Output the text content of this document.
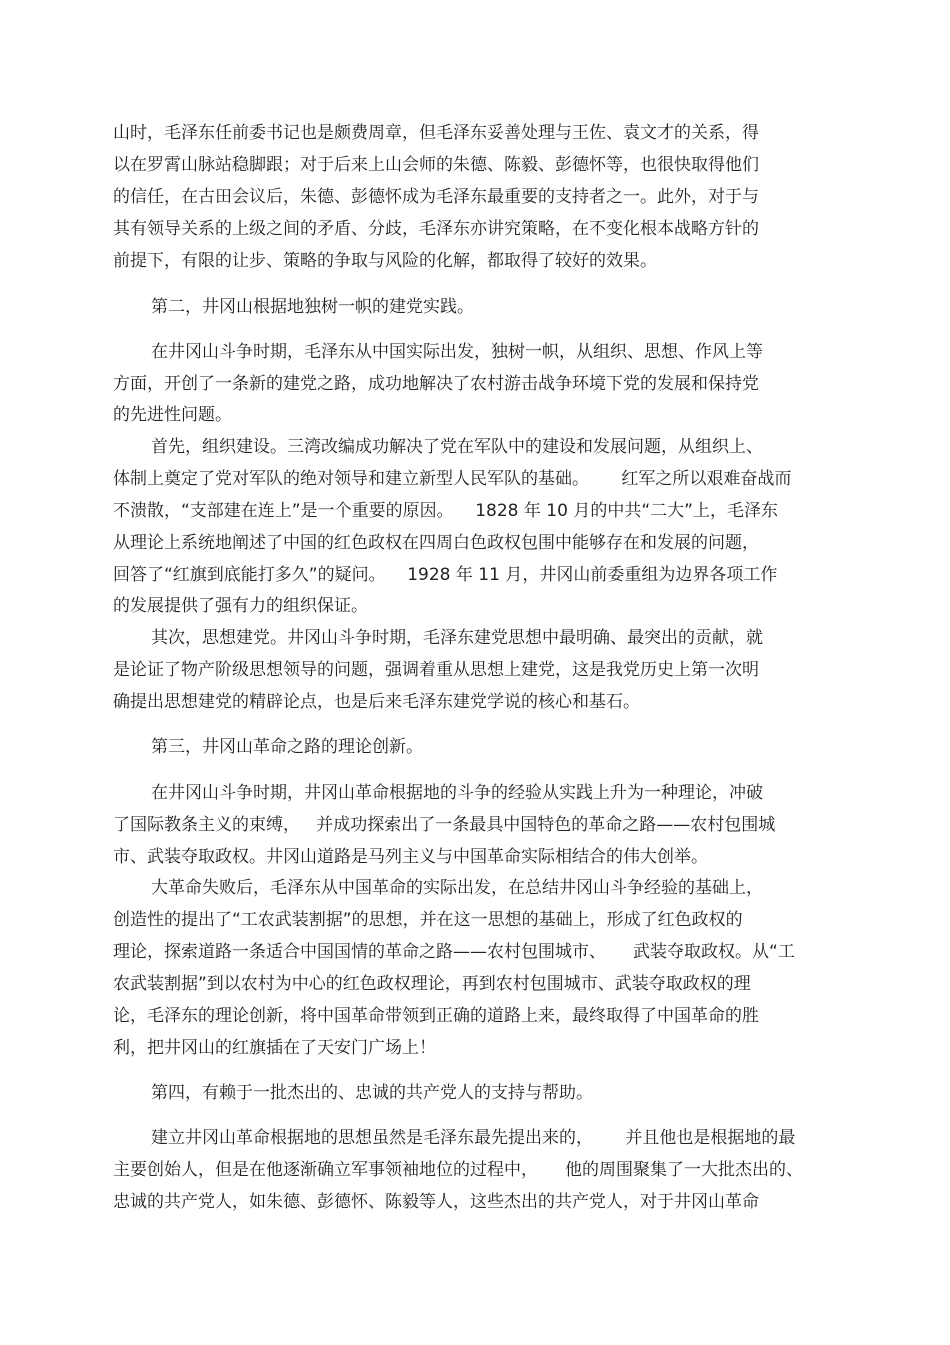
山时，毛泽东任前委书记也是颇费周章，但毛泽东妥善处理与王佐、袁文才的关系，得
以在罗霄山脉站稳脚跟；对于后来上山会师的朱德、陈毅、彭德怀等，也很快取得他们
的信任，在古田会议后，朱德、彭德怀成为毛泽东最重要的支持者之一。此外，对于与
其有领导关系的上级之间的矛盾、分歧，毛泽东亦讲究策略，在不变化根本战略方针的
前提下，有限的让步、策略的争取与风险的化解，都取得了较好的效果。
第二，井冈山根据地独树一帜的建党实践。
在井冈山斗争时期，毛泽东从中国实际出发，独树一帜，从组织、思想、作风上等
方面，开创了一条新的建党之路，成功地解决了农村游击战争环境下党的发展和保持党
的先进性问题。
首先，组织建设。三湾改编成功解决了党在军队中的建设和发展问题，从组织上、
体制上奠定了党对军队的绝对领导和建立新型人民军队的基础。      红军之所以艰难奋战而
不溃散，“支部建在连上”是一个重要的原因。    1828 年 10 月的中共“二大”上，毛泽东
从理论上系统地阐述了中国的红色政权在四周白色政权包围中能够存在和发展的问题，
回答了“红旗到底能打多久”的疑问。    1928 年 11 月，井冈山前委重组为边界各项工作
的发展提供了强有力的组织保证。
其次，思想建党。井冈山斗争时期，毛泽东建党思想中最明确、最突出的贡献，就
是论证了物产阶级思想领导的问题，强调着重从思想上建党，这是我党历史上第一次明
确提出思想建党的精辟论点，也是后来毛泽东建党学说的核心和基石。
第三，井冈山革命之路的理论创新。
在井冈山斗争时期，井冈山革命根据地的斗争的经验从实践上升为一种理论，冲破
了国际教条主义的束缚，   并成功探索出了一条最具中国特色的革命之路——农村包围城
市、武装夺取政权。井冈山道路是马列主义与中国革命实际相结合的伟大创举。
大革命失败后，毛泽东从中国革命的实际出发，在总结井冈山斗争经验的基础上，
创造性的提出了“工农武装割据”的思想，并在这一思想的基础上，形成了红色政权的
理论，探索道路一条适合中国国情的革命之路——农村包围城市、     武装夺取政权。从“工
农武装割据”到以农村为中心的红色政权理论，再到农村包围城市、武装夺取政权的理
论，毛泽东的理论创新，将中国革命带领到正确的道路上来，最终取得了中国革命的胜
利，把井冈山的红旗插在了天安门广场上！
第四，有赖于一批杰出的、忠诚的共产党人的支持与帮助。
建立井冈山革命根据地的思想虽然是毛泽东最先提出来的，      并且他也是根据地的最
主要创始人，但是在他逐渐确立军事领袖地位的过程中，     他的周围聚集了一大批杰出的、
忠诚的共产党人，如朱德、彭德怀、陈毅等人，这些杰出的共产党人，对于井冈山革命
